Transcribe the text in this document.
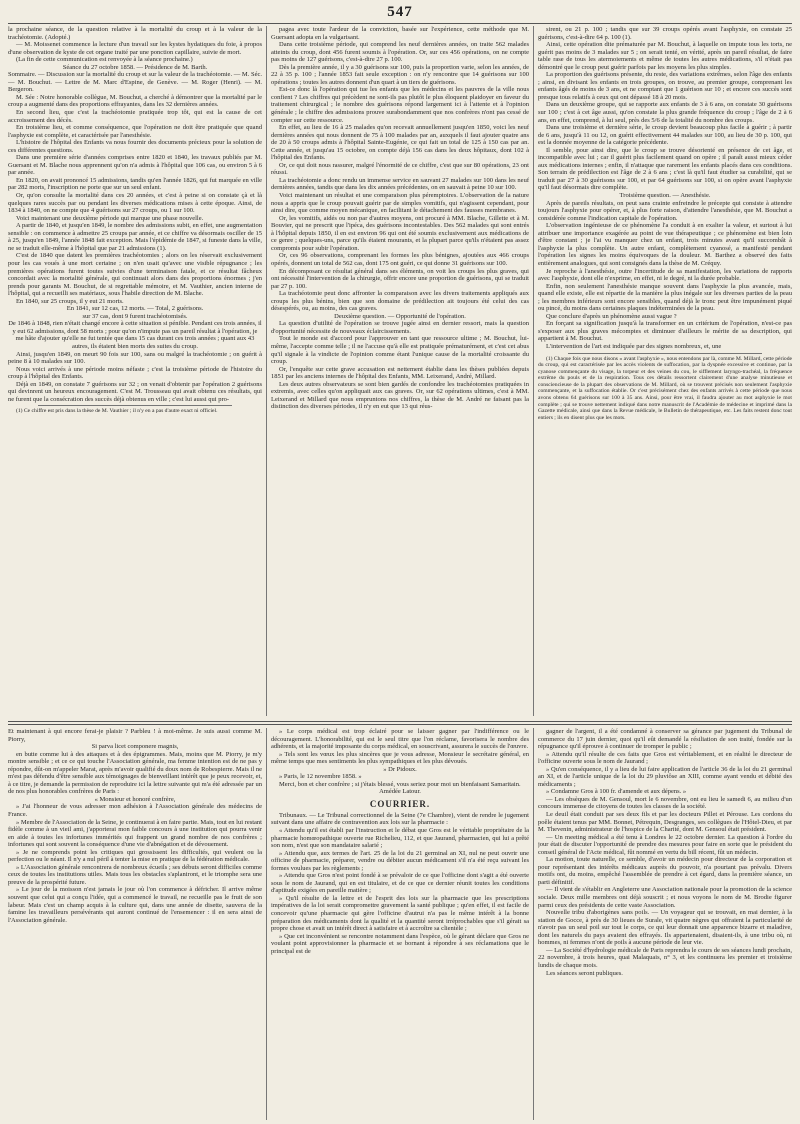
547

la prochaine séance, de la question relative à la mortalité du croup et à la valeur de la trachéotomie. (Adopté.)

— M. Moissenet commence la lecture d'un travail sur les kystes hydatiques du foie, à propos d'une observation de kyste de cet organe traité par une ponction capillaire, suivie de mort.

(La fin de cette communication est renvoyée à la séance prochaine.)

Séance du 27 octobre 1858. — Présidence de M. Barth.

Sommaire. — Discussion sur la mortalité du croup et sur la valeur de la trachéotomie. — M. Séc. — M. Bouchut. — Lettre de M. Marc d'Espine, de Genève. — M. Roger (Henri). — M. Bergeron.

M. Sée : Notre honorable collègue, M. Bouchut, a cherché à démontrer que la mortalité par le croup a augmenté dans des proportions effrayantes, dans les 32 dernières années.

En second lieu, que c'est la trachéotomie pratiquée trop tôt, qui est la cause de cet accroissement des décès.

En troisième lieu, et comme conséquence, que l'opération ne doit être pratiquée que quand l'asphyxie est complète, et caractérisée par l'anesthésie.

L'histoire de l'hôpital des Enfants va nous fournir des documents précieux pour la solution de ces différentes questions.

Dans une première série d'années comprises entre 1820 et 1840, les travaux publiés par M. Guersant et M. Blache nous apprennent qu'on n'a admis à l'hôpital que 106 cas, ou environ 5 à 6 par année.

En 1820, on avait prononcé 15 admissions, tandis qu'en l'année 1826, qui fut marquée en ville par 282 morts, l'inscription ne porte que sur un seul enfant.

Or, qu'on consulte la mortalité dans ces 20 années, et c'est à peine si on constate çà et là quelques rares succès par ou pendant les diverses médications mises à cette époque. Ainsi, de 1834 à 1840, on ne compte que 4 guérisons sur 27 croups, ou 1 sur 100.

Voici maintenant une deuxième période qui marque une phase nouvelle.

A partir de 1840, et jusqu'en 1849, le nombre des admissions subit, en effet, une augmentation sensible : on commence à admettre 25 croups par année, et ce chiffre va désormais osciller de 15 à 25, jusqu'en 1849, l'année 1848 fait exception. Mais l'épidémie de 1847, si funeste dans la ville, ne se traduit elle-même à l'hôpital que par 21 admissions (1).

C'est de 1840 que datent les premières trachéotomies ; alors on les réservait exclusivement pour les cas voués à une mort certaine ; on n'en usait qu'avec une visible répugnance ; les premières opérations furent toutes suivies d'une terminaison fatale, et ce résultat fâcheux concordait avec la mortalité générale, qui continuait alors dans des proportions énormes ; j'en prends pour garants M. Bouchut, de si regrettable mémoire, et M. Vauthier, ancien interne de l'hôpital, qui a recueilli ses matériaux, sous l'habile direction de M. Blache.

En 1840, sur 25 croups, il y eut 21 morts.

En 1841, sur 12 cas, 12 morts. — Total, 2 guérisons.

sur 37 cas, dont 9 furent trachéotomisés.

De 1846 à 1848, rien n'était changé encore à cette situation si pénible. Pendant ces trois années, il y eut 62 admissions, dont 58 morts ; pour qu'on n'impute pas un pareil résultat à l'opération, je me hâte d'ajouter qu'elle ne fut tentée que dans 15 cas durant ces trois années ; quant aux 43 autres, ils étaient bien morts des suites du croup.

Ainsi, jusqu'en 1849, on meurt 90 fois sur 100, sans ou malgré la trachéotomie ; on guérit à peine 8 à 10 malades sur 100.

Nous voici arrivés à une période moins néfaste ; c'est la troisième période de l'histoire du croup à l'hôpital des Enfants.

Déjà en 1849, on constate 7 guérisons sur 32 ; on venait d'obtenir par l'opération 2 guérisons qui devinrent un heureux encouragement. C'est M. Trousseau qui avait obtenu ces résultats, qui ne furent que la consécration des succès déjà obtenus en ville ; c'est lui aussi qui pro-

(1) Ce chiffre est pris dans la thèse de M. Vauthier ; il n'y en a pas d'autre exact ni officiel.

pagea avec toute l'ardeur de la conviction, basée sur l'expérience, cette méthode que M. Guersant adopta en la vulgarisant.

Dans cette troisième période, qui comprend les neuf dernières années, on traite 562 malades atteints du croup, dont 456 furent soumis à l'opération. Or, sur ces 456 opérations, on ne compte pas moins de 127 guérisons, c'est-à-dire 27 p. 100.

Dès la première année, il y a 30 guérisons sur 100, puis la proportion varie, selon les années, de 22 à 35 p. 100 ; l'année 1853 fait seule exception : on n'y rencontre que 14 guérisons sur 100 opérations ; toutes les autres donnent d'un quart à un tiers de guérisons.

Est-ce donc là l'opération qui tue les enfants que les médecins et les pauvres de la ville nous confient ? Les chiffres qui précèdent ne sont-ils pas plutôt le plus éloquent plaidoyer en faveur du traitement chirurgical ; le nombre des guérisons répond largement ici à l'attente et à l'opinion générale ; le chiffre des admissions prouve surabondamment que nos confrères n'ont pas cessé de compter sur cette ressource.

En effet, au lieu de 16 à 25 malades qu'on recevait annuellement jusqu'en 1850, voici les neuf dernières années qui nous donnent de 75 à 100 malades par an, auxquels il faut ajouter quatre ans de 20 à 50 croups admis à l'hôpital Sainte-Eugénie, ce qui fait un total de 125 à 150 cas par an. Cette année, et jusqu'au 15 octobre, on compte déjà 156 cas dans les deux hôpitaux, dont 102 à l'hôpital des Enfants.

Or, ce qui doit nous rassurer, malgré l'énormité de ce chiffre, c'est que sur 80 opérations, 23 ont réussi.

La trachéotomie a donc rendu un immense service en sauvant 27 malades sur 100 dans les neuf dernières années, tandis que dans les dix années précédentes, on en sauvait à peine 10 sur 100.

Voici maintenant un résultat et une comparaison plus péremptoires. L'observation de la nature nous a appris que le croup pouvait guérir par de simples vomitifs, qui n'agissent cependant, pour ainsi dire, que comme moyen mécanique, en facilitant le détachement des fausses membranes.

Or, les vomitifs, aidés ou non par d'autres moyens, ont procuré à MM. Blache, Gillette et à M. Bouvier, qui ne prescrit que l'ipéca, des guérisons incontestables. Des 562 malades qui sont entrés à l'hôpital depuis 1850, il en est environ 96 qui ont été soumis exclusivement aux médications de ce genre ; quelques-uns, parce qu'ils étaient mourants, et la plupart parce qu'ils n'étaient pas assez compromis pour subir l'opération.

Or, ces 96 observations, comprenant les formes les plus bénignes, ajoutées aux 466 croups opérés, donnent un total de 562 cas, dont 175 ont guéri, ce qui donne 31 guérisons sur 100.

En décomposant ce résultat général dans ses éléments, on voit les croups les plus graves, qui ont nécessité l'intervention de la chirurgie, offrir encore une proportion de guérisons, qui se traduit par 27 p. 100.

La trachéotomie peut donc affronter la comparaison avec les divers traitements appliqués aux croups les plus bénins, bien que son domaine de prédilection ait toujours été celui des cas désespérés, ou, au moins, des cas graves.

Deuxième question. — Opportunité de l'opération.

La question d'utilité de l'opération se trouve jugée ainsi en dernier ressort, mais la question d'opportunité nécessite de nouveaux éclaircissements.

Tout le monde est d'accord pour l'approuver en tant que ressource ultime ; M. Bouchut, lui-même, l'accepte comme telle ; il ne l'accuse qu'à elle est pratiquée prématurément, et c'est cet abus qu'il signale à la vindicte de l'opinion comme étant l'unique cause de la mortalité croissante du croup.

Or, l'enquête sur cette grave accusation est nettement établie dans les thèses publiées depuis 1851 par les anciens internes de l'hôpital des Enfants, MM. Leixerand, André, Millard.

Les deux autres observateurs se sont bien gardés de confondre les trachéotomies pratiquées in extremis, avec celles qu'on appliquait aux cas graves. Or, sur 62 opérations ultimes, c'est à MM. Leixerand et Millard que nous empruntons nos chiffres, la thèse de M. André ne faisant pas la distinction des diverses périodes, il n'y en eut que 13 qui réus-

sirent, ou 21 p. 100 ; tandis que sur 39 croups opérés avant l'asphyxie, on constate 25 guérisons, c'est-à-dire 64 p. 100 (1).

Ainsi, cette opération dite prématurée par M. Bouchut, à laquelle on impute tous les torts, ne guérit pas moins de 3 malades sur 5 ; on serait tenté, en vérité, après un pareil résultat, de faire table rase de tous les atermoiements et même de toutes les autres médications, s'il n'était pas démontré que le croup peut guérir parfois par les moyens les plus simples.

La proportion des guérisons présente, du reste, des variations extrêmes, selon l'âge des enfants ; ainsi, en divisant les enfants en trois groupes, on trouve, au premier groupe, comprenant les enfants âgés de moins de 3 ans, et ne comptant que 1 guérison sur 10 ; et encore ces succès sont presque tous relatifs à ceux qui ont dépassé 18 à 20 mois.

Dans un deuxième groupe, qui se rapporte aux enfants de 3 à 6 ans, on constate 30 guérisons sur 100 ; c'est à cet âge aussi, qu'on constate la plus grande fréquence du croup ; l'âge de 2 à 6 ans, en effet, comprend, à lui seul, près des 5/6 de la totalité du nombre des croups.

Dans une troisième et dernière série, le croup devient beaucoup plus facile à guérir ; à partir de 6 ans, jusqu'à 11 ou 12, on guérit effectivement 44 malades sur 100, au lieu de 30 p. 100, qui est la donnée moyenne de la catégorie précédente.

Il semble, pour ainsi dire, que le croup se trouve désorienté en présence de cet âge, et incompatible avec lui ; car il guérit plus facilement quand on opère ; il paraît aussi mieux céder aux médications internes ; enfin, il n'attaque que rarement les enfants placés dans ces conditions. Son terrain de prédilection est l'âge de 2 à 6 ans ; c'est là qu'il faut étudier sa curabilité, qui se traduit par 27 à 30 guérisons sur 100, et par 64 guérisons sur 100, si on opère avant l'asphyxie qu'il faut désormais dire complète.

Troisième question. — Anesthésie.

Après de pareils résultats, on peut sans crainte enfreindre le précepte qui consiste à attendre toujours l'asphyxie pour opérer, et, à plus forte raison, d'attendre l'anesthésie, que M. Bouchut a considérée comme l'indication capitale de l'opération.

L'observation ingénieuse de ce phénomène l'a conduit à en exalter la valeur, et surtout à lui attribuer une importance exagérée au point de vue thérapeutique ; ce phénomène est bien loin d'être constant ; je l'ai vu manquer chez un enfant, trois minutes avant qu'il succombât à l'asphyxie la plus complète. Un autre enfant, complètement cyanosé, a manifesté pendant l'opération les signes les moins équivoques de la douleur. M. Barthez a observé des faits entièrement analogues, qui sont consignés dans la thèse de M. Créquy.

Je reproche à l'anesthésie, outre l'incertitude de sa manifestation, les variations de rapports avec l'asphyxie, dont elle n'exprime, en effet, ni le degré, ni la durée probable.

Enfin, non seulement l'anesthésie manque souvent dans l'asphyxie la plus avancée, mais, quand elle existe, elle est répartie de la manière la plus inégale sur les diverses parties de la peau ; les membres inférieurs sont encore sensibles, quand déjà le tronc peut être impunément piqué ou pincé, du moins dans certaines plaques indéterminées de la peau.

Que conclure d'après un phénomène aussi vague ?

En forçant sa signification jusqu'à la transformer en un critérium de l'opération, n'est-ce pas s'exposer aux plus graves mécomptes et diminuer d'ailleurs le mérite de sa description, qui appartient à M. Bouchut.

L'intervention de l'art est indiquée par des signes nombreux, et, une

(1) Chaque fois que nous disons « avant l'asphyxie », nous entendons par là, comme M. Millard, cette période du croup, qui est caractérisée par les accès violents de suffocation, par la dyspnée excessive et continue, par la cyanose commençante du visage, la torpeur et des veines du cou, le sifflement laryngo-trachéal, la fréquence extrême du pouls et de la respiration. Tous ces détails ressortent clairement d'une analyse minutieuse et consciencieuse de la plupart des observations de M. Millard, où se trouvent précisés non seulement l'asphyxie commençante, et la suffocation établie. Or c'est précisément chez des enfants arrivés à cette période que nous avons obtenu 64 guérisons sur 100 à 35 ans. Ainsi, pour être vrai, il faudra ajouter au mot asphyxie le mot complète ; qui se trouve nettement indiqué dans notre manuscrit de l'Académie de médecine et imprimé dans la Gazette médicale, ainsi que dans la Revue médicale, le Bulletin de thérapeutique, etc. Les faits restent donc tout entiers ; ils en disent plus que les mots.

Et maintenant à qui encore ferai-je plaisir ? Parbleu ! à moi-même. Je suis aussi comme M. Piorry,

Si parva licet componere magnis,

en butte comme lui à des attaques et à des épigrammes. Mais, moins que M. Piorry, je m'y montre sensible ; et ce ce qui touche l'Association générale, ma femme intention est de ne pas y répondre, dût-on m'appeler Marat, après m'avoir qualifié du doux nom de Robespierre. Mais il ne m'est pas défendu d'être sensible aux témoignages de bienveillant intérêt que je peux recevoir, et, à ce titre, je demande la permission de reproduire ici la lettre suivante qui m'a été adressée par un de nos plus honorables confrères de Paris :

« Monsieur et honoré confrère,

» J'ai l'honneur de vous adresser mon adhésion à l'Association générale des médecins de France.

» Membre de l'Association de la Seine, je continuerai à en faire partie. Mais, tout en lui restant fidèle comme à un vieil ami, j'apporterai mon faible concours à une institution qui pourra venir en aide à toutes les infortunes immérités qui frappent un grand nombre de nos confrères ; infortunes qui sont souvent la conséquence d'une vie d'abnégation et de dévouement.

» Je ne comprends point les critiques qui grossissent les difficultés, qui veulent ou la perfection ou le néant. Il n'y a nul péril à tenter la mise en pratique de la fédération médicale.

» L'Association générale rencontrera de nombreux écueils ; ses débuts seront difficiles comme ceux de toutes les institutions utiles. Mais tous les obstacles s'aplaniront, et le triomphe sera une preuve de la prospérité future.

» Le jour de la moisson n'est jamais le jour où l'on commence à défricher. Il arrive même souvent que celui qui a conçu l'idée, qui a commencé le travail, ne recueille pas le fruit de son labeur. Mais c'est un champ acquis à la culture qui, dans une année de disette, sauvera de la famine les travailleurs persévérants qui auront continué de l'ensemencer : il en sera ainsi de l'Association générale.

» Le corps médical est trop éclairé pour se laisser gagner par l'indifférence ou le découragement. L'honorabilité, qui est le seul titre que l'on réclame, favorisera le nombre des adhérents, et la majorité imposante du corps médical, en souscrivant, assurera le succès de l'œuvre.

» Tels sont les vœux les plus sincères que je vous adresse, Monsieur le secrétaire général, en même temps que mes sentiments les plus sympathiques et les plus dévoués.

» Dr Pidoux.

» Paris, le 12 novembre 1858. »

Merci, bon et cher confrère ; si j'étais blessé, vous seriez pour moi un bienfaisant Samaritain.

Amédée Latour.

COURRIER.

Tribunaux. — Le Tribunal correctionnel de la Seine (7e Chambre), vient de rendre le jugement suivant dans une affaire de contravention aux lois sur la pharmacie :

« Attendu qu'il est établi par l'instruction et le débat que Gros est le véritable propriétaire de la pharmacie homœopathique ouverte rue Richelieu, 112, et que Jaurand, pharmacien, qui lui a prêté son nom, n'est que son mandataire salarié ;

» Attendu que, aux termes de l'art. 25 de la loi du 21 germinal an XI, nul ne peut ouvrir une officine de pharmacie, préparer, vendre ou débiter aucun médicament s'il n'a été reçu suivant les formes voulues par les règlements ;

» Attendu que Gros n'est point fondé à se prévaloir de ce que l'officine dont s'agit a été ouverte sous le nom de Jaurand, qui en est titulaire, et de ce que ce dernier réunit toutes les conditions d'aptitude exigées en pareille matière ;

» Qu'il résulte de la lettre et de l'esprit des lois sur la pharmacie que les prescriptions impératives de la loi serait compromettre gravement la santé publique ; qu'en effet, il est facile de concevoir qu'une pharmacie qui gère l'officine d'autrui n'a pas le même intérêt à la bonne préparation des médicaments dont la qualité et la quantité seront irréprochables que s'il gérait sa propre chose et avait un intérêt direct à satisfaire et à accroître sa clientèle ;

» Que cet inconvénient se rencontre notamment dans l'espèce, où le gérant déclare que Gros ne voulant point approvisionner la pharmacie et se bornant à répondre à ses réclamations que le principal est de

gagner de l'argent, il a été condamné à conserver sa gérance par jugement du Tribunal de commerce du 17 juin dernier, quoi qu'il eût demandé la résiliation de son traité, fondée sur la répugnance qu'il éprouve à continuer de tromper le public ;

» Attendu qu'il résulte de ces faits que Gros est véritablement, et en réalité le directeur de l'officine ouverte sous le nom de Jaurand ;

» Qu'en conséquence, il y a lieu de lui faire application de l'article 36 de la loi du 21 germinal an XI, et de l'article unique de la loi du 29 pluviôse an XIII, comme ayant vendu et débité des médicaments ;

» Condamne Gros à 100 fr. d'amende et aux dépens. »

— Les obsèques de M. Gensoul, mort le 6 novembre, ont eu lieu le samedi 6, au milieu d'un concours immense de citoyens de toutes les classes de la société.

Le deuil était conduit par ses deux fils et par les docteurs Pillet et Pérouse. Les cordons du poêle étaient tenus par MM. Bonnet, Pétrequin, Desgranges, ses collègues de l'Hôtel-Dieu, et par M. Thevenin, administrateur de l'hospice de la Charité, dont M. Gensoul était président.

— Un meeting médical a été tenu à Londres le 22 octobre dernier. La question à l'ordre du jour était de discuter l'opportunité de prendre des mesures pour faire en sorte que le président du conseil général de l'Acte médical, fût nommé en vertu du bill récent, fût un médecin.

La motion, toute naturelle, ce semble, d'avoir un médecin pour directeur de la corporation et pour représentant des intérêts médicaux auprès du pouvoir, n'a pourtant pas prévalu. Divers motifs ont, du moins, empêché l'assemblée de prendre à cet égard, dans la première séance, un parti définitif.

— Il vient de s'établir en Angleterre une Association nationale pour la promotion de la science sociale. Deux mille membres ont déjà souscrit ; et nous voyons le nom de M. Brodie figurer parmi ceux des présidents de cette vaste Association.

Nouvelle tribu d'aborigènes sans poils. — Un voyageur qui se trouvait, en mai dernier, à la station de Gocce, à près de 30 lieues de Surale, vit quatre nègres qui offraient la particularité de n'avoir pas un seul poil sur tout le corps, ce qui leur donnait une apparence bizarre et maladive, dont les naturels du pays avaient des effrayés. Ils appartenaient, disaient-ils, à une tribu où, ni hommes, ni femmes n'ont de poils à aucune période de leur vie.

— La Société d'hydrologie médicale de Paris reprendra le cours de ses séances lundi prochain, 22 novembre, à trois heures, quai Malaquais, n° 3, et les continuera les premier et troisième lundis de chaque mois.

Les séances seront publiques.
